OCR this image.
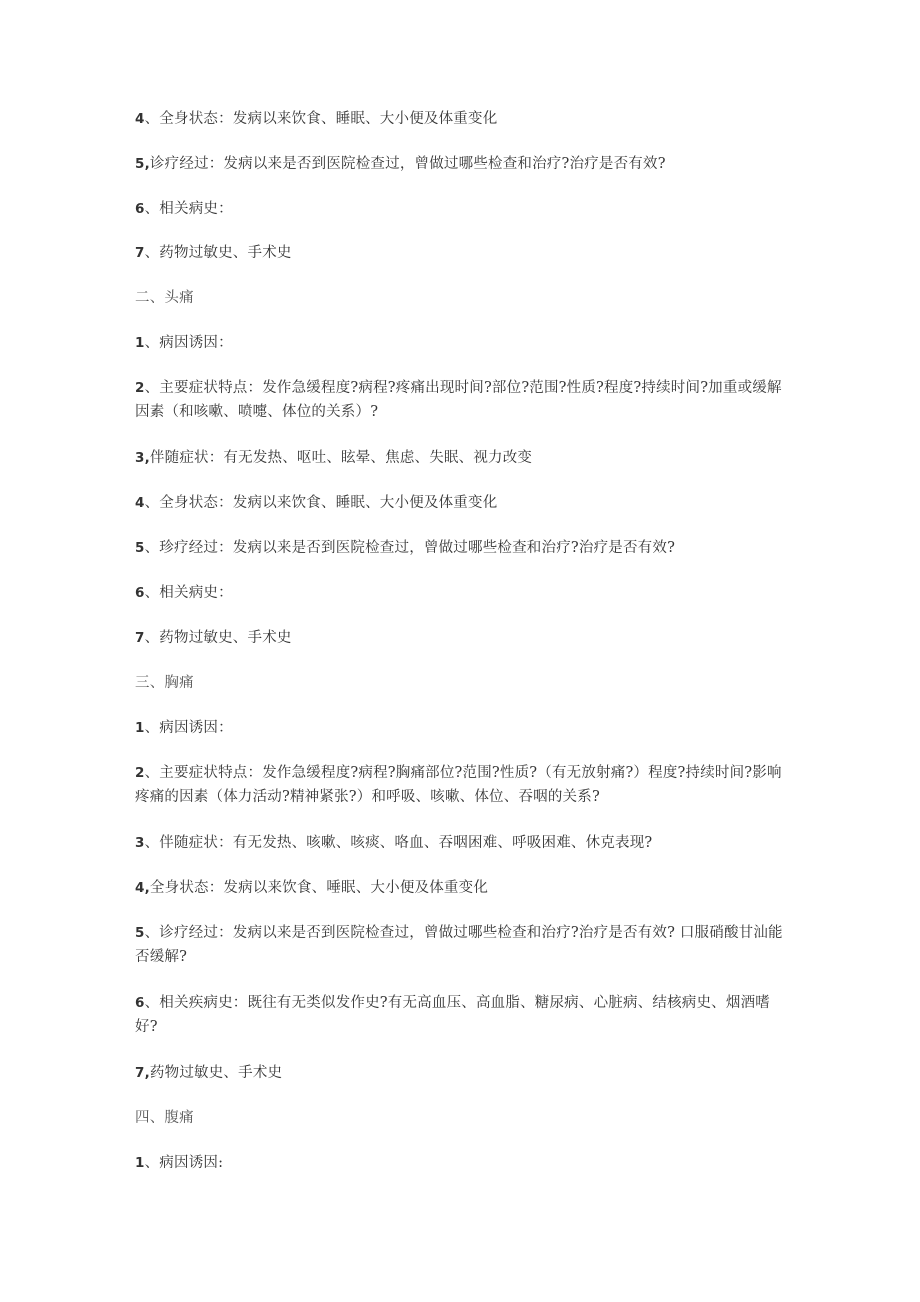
4、全身状态：发病以来饮食、睡眠、大小便及体重变化
5,诊疗经过：发病以来是否到医院检查过，曾做过哪些检查和治疗?治疗是否有效?
6、相关病史：
7、药物过敏史、手术史
二、头痛
1、病因诱因：
2、主要症状特点：发作急缓程度?病程?疼痛出现时间?部位?范围?性质?程度?持续时间?加重或缓解因素（和咳嗽、喷嚏、体位的关系）?
3,伴随症状：有无发热、呕吐、眩晕、焦虑、失眠、视力改变
4、全身状态：发病以来饮食、睡眠、大小便及体重变化
5、珍疗经过：发病以来是否到医院检查过，曾做过哪些检查和治疗?治疗是否有效?
6、相关病史：
7、药物过敏史、手术史
三、胸痛
1、病因诱因：
2、主要症状特点：发作急缓程度?病程?胸痛部位?范围?性质?（有无放射痛?）程度?持续时间?影响疼痛的因素（体力活动?精神紧张?）和呼吸、咳嗽、体位、吞咽的关系?
3、伴随症状：有无发热、咳嗽、咳痰、咯血、吞咽困难、呼吸困难、休克表现?
4,全身状态：发病以来饮食、唾眠、大小便及体重变化
5、诊疗经过：发病以来是否到医院检查过，曾做过哪些检查和治疗?治疗是否有效? 口服硝酸甘汕能否缓解?
6、相关疾病史：既往有无类似发作史?有无高血压、高血脂、糖尿病、心脏病、结核病史、烟酒嗜好?
7,药物过敏史、手术史
四、腹痛
1、病因诱因:
